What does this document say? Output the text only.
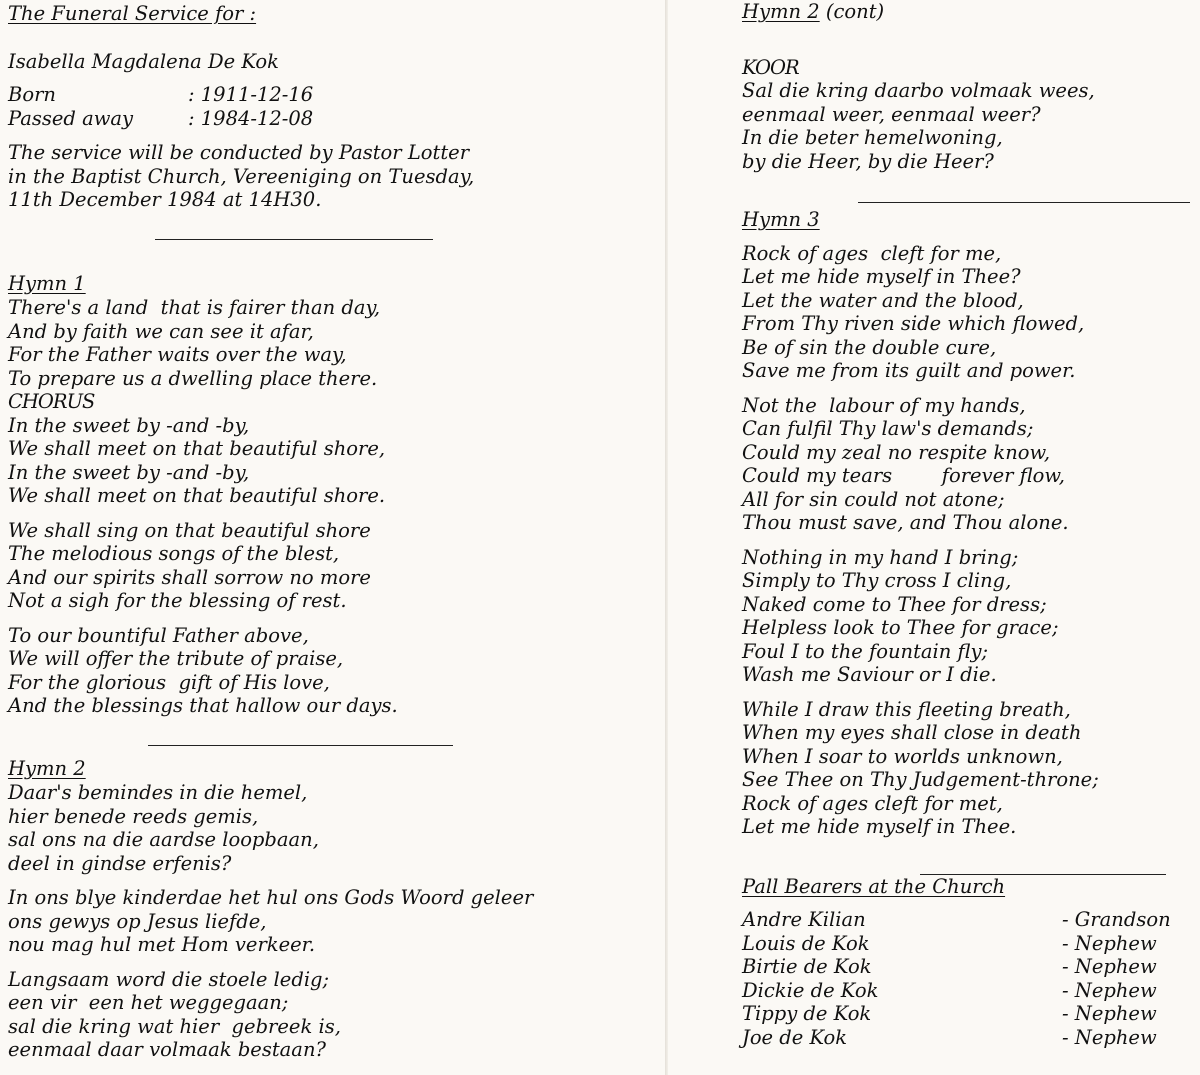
The Funeral Service for :
Isabella Magdalena De Kok
Born	: 1911-12-16
Passed away	: 1984-12-08
The service will be conducted by Pastor Lotter
in the Baptist Church, Vereeniging on Tuesday,
11th December 1984 at 14H30.
Hymn 1
There's a land  that is fairer than day,
And by faith we can see it afar,
For the Father waits over the way,
To prepare us a dwelling place there.
CHORUS
In the sweet by -and -by,
We shall meet on that beautiful shore,
In the sweet by -and -by,
We shall meet on that beautiful shore.
We shall sing on that beautiful shore
The melodious songs of the blest,
And our spirits shall sorrow no more
Not a sigh for the blessing of rest.
To our bountiful Father above,
We will offer the tribute of praise,
For the glorious  gift of His love,
And the blessings that hallow our days.
Hymn 2
Daar's bemindes in die hemel,
hier benede reeds gemis,
sal ons na die aardse loopbaan,
deel in gindse erfenis?
In ons blye kinderdae het hul ons Gods Woord geleer
ons gewys op Jesus liefde,
nou mag hul met Hom verkeer.
Langsaam word die stoele ledig;
een vir  een het weggegaan;
sal die kring wat hier  gebreek is,
eenmaal daar volmaak bestaan?
Hymn 2 (cont)
KOOR
Sal die kring daarbo volmaak wees,
eenmaal weer, eenmaal weer?
In die beter hemelwoning,
by die Heer, by die Heer?
Hymn 3
Rock of ages  cleft for me,
Let me hide myself in Thee?
Let the water and the blood,
From Thy riven side which flowed,
Be of sin the double cure,
Save me from its guilt and power.
Not the  labour of my hands,
Can fulfil Thy law's demands;
Could my zeal no respite know,
Could my tears        forever flow,
All for sin could not atone;
Thou must save, and Thou alone.
Nothing in my hand I bring;
Simply to Thy cross I cling,
Naked come to Thee for dress;
Helpless look to Thee for grace;
Foul I to the fountain fly;
Wash me Saviour or I die.
While I draw this fleeting breath,
When my eyes shall close in death
When I soar to worlds unknown,
See Thee on Thy Judgement-throne;
Rock of ages cleft for met,
Let me hide myself in Thee.
Pall Bearers at the Church
Andre Kilian	- Grandson
Louis de Kok	- Nephew
Birtie de Kok	- Nephew
Dickie de Kok	- Nephew
Tippy de Kok	- Nephew
Joe de Kok	- Nephew
